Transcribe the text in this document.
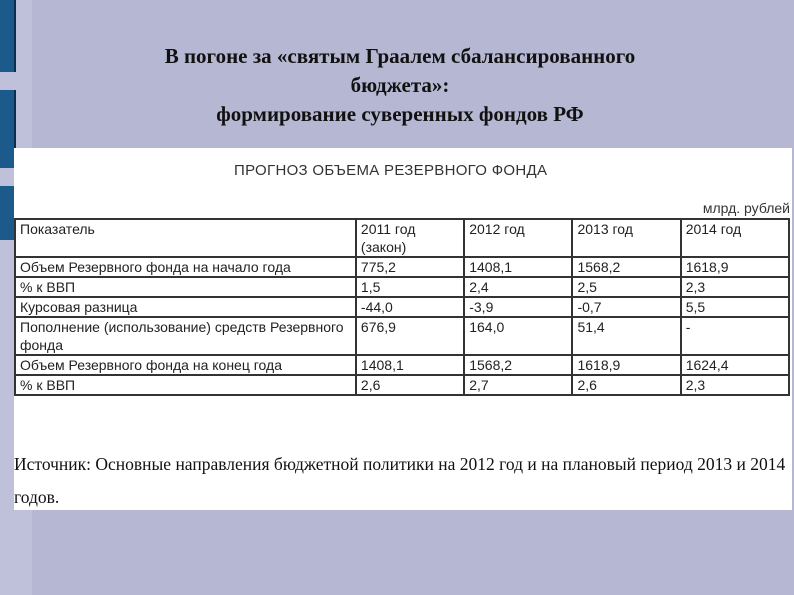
В погоне за «святым Граалем сбалансированного
бюджета»:
формирование суверенных фондов РФ
ПРОГНОЗ ОБЪЕМА РЕЗЕРВНОГО ФОНДА
млрд. рублей
Показатель	2011 год (закон)	2012 год	2013 год	2014 год
Объем Резервного фонда на начало года	775,2	1408,1	1568,2	1618,9
% к ВВП	1,5	2,4	2,5	2,3
Курсовая разница	-44,0	-3,9	-0,7	5,5
Пополнение (использование) средств Резервного фонда	676,9	164,0	51,4	-
Объем Резервного фонда на конец года	1408,1	1568,2	1618,9	1624,4
% к ВВП	2,6	2,7	2,6	2,3
Источник: Основные направления бюджетной политики на 2012 год и на плановый период 2013 и 2014 годов.
